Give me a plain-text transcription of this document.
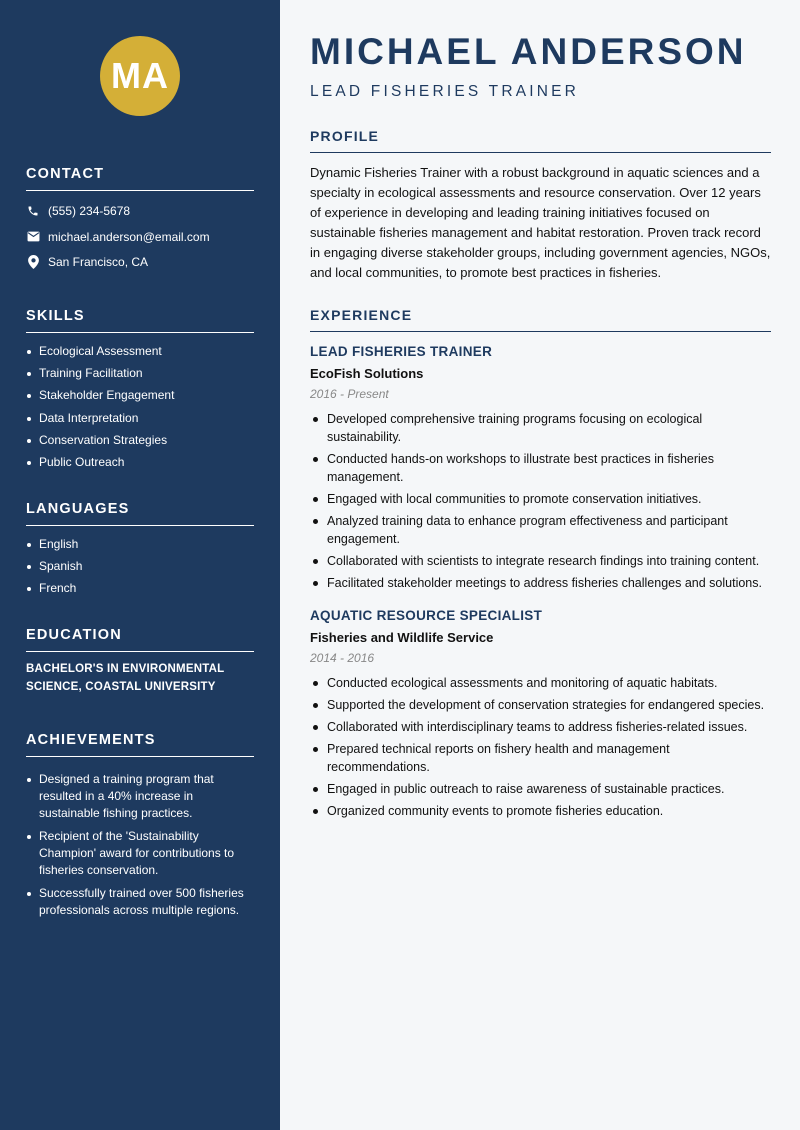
MA
CONTACT
(555) 234-5678
michael.anderson@email.com
San Francisco, CA
SKILLS
Ecological Assessment
Training Facilitation
Stakeholder Engagement
Data Interpretation
Conservation Strategies
Public Outreach
LANGUAGES
English
Spanish
French
EDUCATION
BACHELOR'S IN ENVIRONMENTAL SCIENCE, COASTAL UNIVERSITY
ACHIEVEMENTS
Designed a training program that resulted in a 40% increase in sustainable fishing practices.
Recipient of the 'Sustainability Champion' award for contributions to fisheries conservation.
Successfully trained over 500 fisheries professionals across multiple regions.
MICHAEL ANDERSON
LEAD FISHERIES TRAINER
PROFILE

Dynamic Fisheries Trainer with a robust background in aquatic sciences and a specialty in ecological assessments and resource conservation. Over 12 years of experience in developing and leading training initiatives focused on sustainable fisheries management and habitat restoration. Proven track record in engaging diverse stakeholder groups, including government agencies, NGOs, and local communities, to promote best practices in fisheries.

EXPERIENCE
LEAD FISHERIES TRAINER
EcoFish Solutions
2016 - Present
Developed comprehensive training programs focusing on ecological sustainability.
Conducted hands-on workshops to illustrate best practices in fisheries management.
Engaged with local communities to promote conservation initiatives.
Analyzed training data to enhance program effectiveness and participant engagement.
Collaborated with scientists to integrate research findings into training content.
Facilitated stakeholder meetings to address fisheries challenges and solutions.
AQUATIC RESOURCE SPECIALIST
Fisheries and Wildlife Service
2014 - 2016
Conducted ecological assessments and monitoring of aquatic habitats.
Supported the development of conservation strategies for endangered species.
Collaborated with interdisciplinary teams to address fisheries-related issues.
Prepared technical reports on fishery health and management recommendations.
Engaged in public outreach to raise awareness of sustainable practices.
Organized community events to promote fisheries education.
